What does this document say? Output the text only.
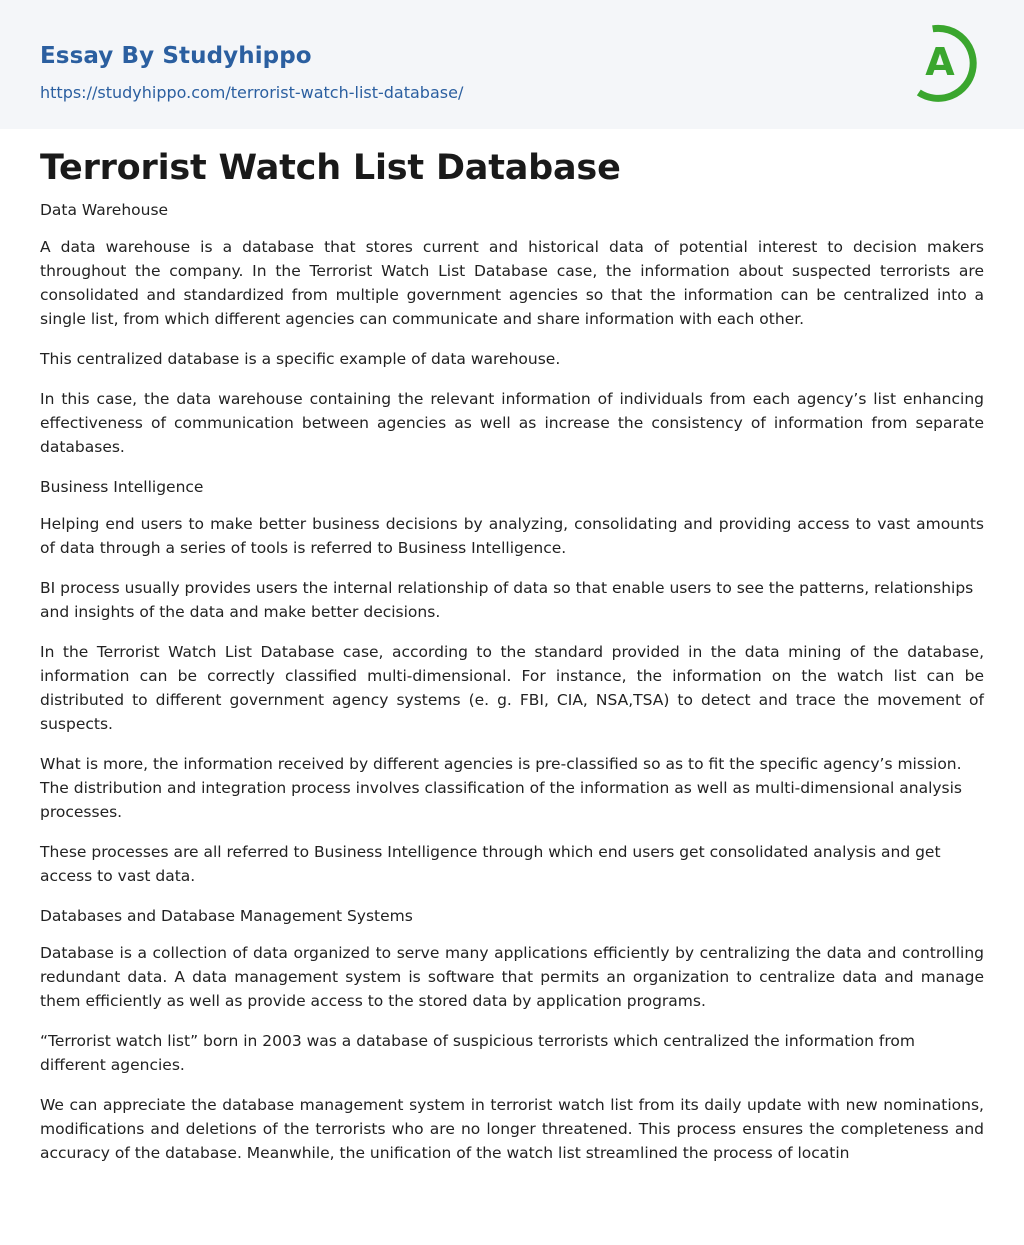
Essay By Studyhippo
https://studyhippo.com/terrorist-watch-list-database/
A
Terrorist Watch List Database

Data Warehouse

A data warehouse is a database that stores current and historical data of potential interest to decision makers throughout the company. In the Terrorist Watch List Database case, the information about suspected terrorists are consolidated and standardized from multiple government agencies so that the information can be centralized into a single list, from which different agencies can communicate and share information with each other.

This centralized database is a specific example of data warehouse.

In this case, the data warehouse containing the relevant information of individuals from each agency’s list enhancing effectiveness of communication between agencies as well as increase the consistency of information from separate databases.

Business Intelligence

Helping end users to make better business decisions by analyzing, consolidating and providing access to vast amounts of data through a series of tools is referred to Business Intelligence.

BI process usually provides users the internal relationship of data so that enable users to see the patterns, relationships and insights of the data and make better decisions.

In the Terrorist Watch List Database case, according to the standard provided in the data mining of the database, information can be correctly classified multi-dimensional. For instance, the information on the watch list can be distributed to different government agency systems (e. g. FBI, CIA, NSA,TSA) to detect and trace the movement of suspects.

What is more, the information received by different agencies is pre-classified so as to fit the specific agency’s mission. The distribution and integration process involves classification of the information as well as multi-dimensional analysis processes.

These processes are all referred to Business Intelligence through which end users get consolidated analysis and get access to vast data.

Databases and Database Management Systems

Database is a collection of data organized to serve many applications efficiently by centralizing the data and controlling redundant data. A data management system is software that permits an organization to centralize data and manage them efficiently as well as provide access to the stored data by application programs.

“Terrorist watch list” born in 2003 was a database of suspicious terrorists which centralized the information from different agencies.

We can appreciate the database management system in terrorist watch list from its daily update with new nominations, modifications and deletions of the terrorists who are no longer threatened. This process ensures the completeness and accuracy of the database. Meanwhile, the unification of the watch list streamlined the process of locatin
